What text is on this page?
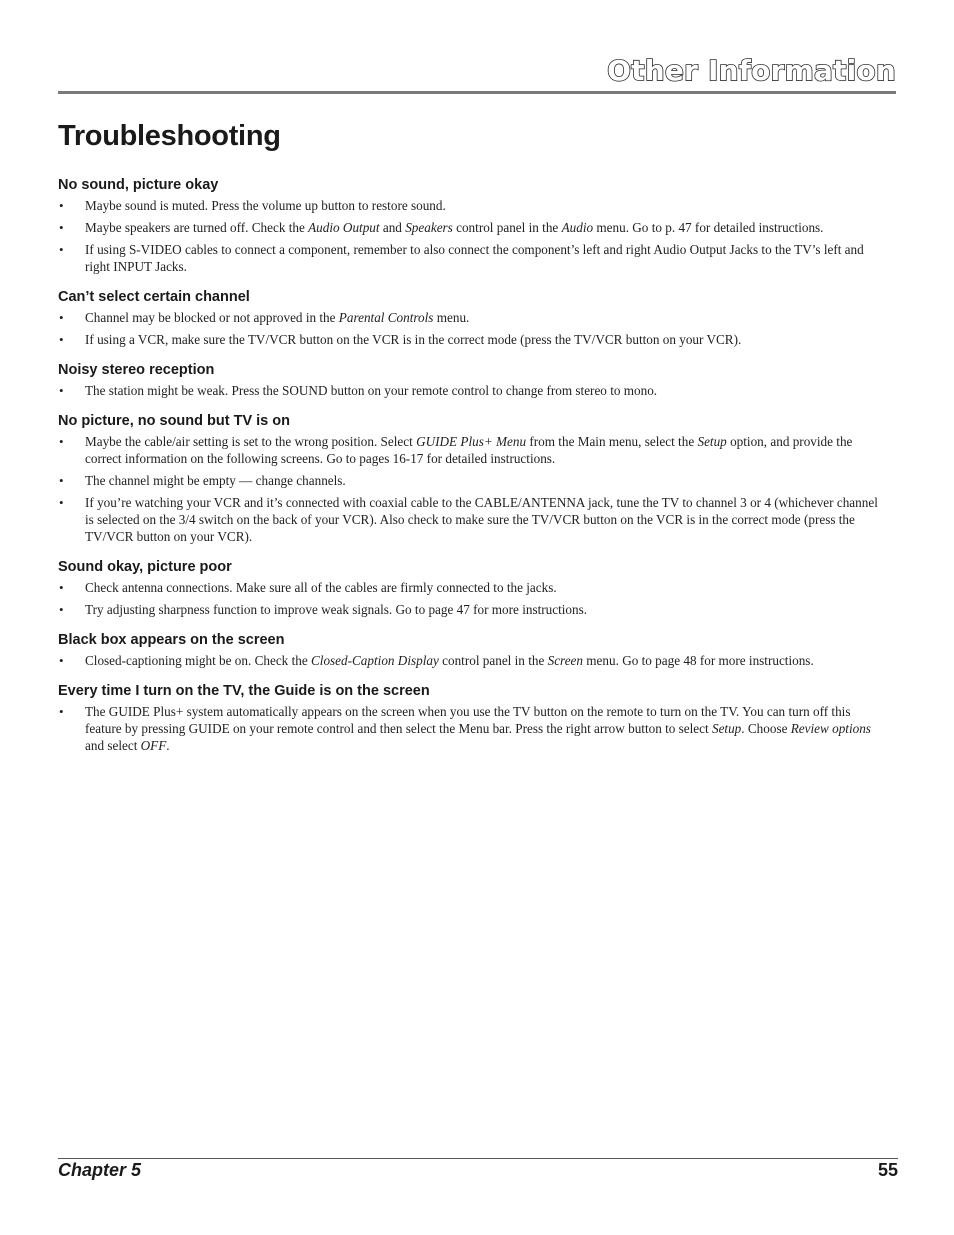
Other Information
Troubleshooting
No sound, picture okay
• Maybe sound is muted. Press the volume up button to restore sound.
• Maybe speakers are turned off. Check the Audio Output and Speakers control panel in the Audio menu. Go to p. 47 for detailed instructions.
• If using S-VIDEO cables to connect a component, remember to also connect the component’s left and right Audio Output Jacks to the TV’s left and right INPUT Jacks.
Can’t select certain channel
• Channel may be blocked or not approved in the Parental Controls menu.
• If using a VCR, make sure the TV/VCR button on the VCR is in the correct mode (press the TV/VCR button on your VCR).
Noisy stereo reception
• The station might be weak. Press the SOUND button on your remote control to change from stereo to mono.
No picture, no sound but TV is on
• Maybe the cable/air setting is set to the wrong position. Select GUIDE Plus+ Menu from the Main menu, select the Setup option, and provide the correct information on the following screens. Go to pages 16-17 for detailed instructions.
• The channel might be empty — change channels.
• If you’re watching your VCR and it’s connected with coaxial cable to the CABLE/ANTENNA jack, tune the TV to channel 3 or 4 (whichever channel is selected on the 3/4 switch on the back of your VCR). Also check to make sure the TV/VCR button on the VCR is in the correct mode (press the TV/VCR button on your VCR).
Sound okay, picture poor
• Check antenna connections. Make sure all of the cables are firmly connected to the jacks.
• Try adjusting sharpness function to improve weak signals. Go to page 47 for more instructions.
Black box appears on the screen
• Closed-captioning might be on. Check the Closed-Caption Display control panel in the Screen menu. Go to page 48 for more instructions.
Every time I turn on the TV, the Guide is on the screen
• The GUIDE Plus+ system automatically appears on the screen when you use the TV button on the remote to turn on the TV. You can turn off this feature by pressing GUIDE on your remote control and then select the Menu bar. Press the right arrow button to select Setup. Choose Review options and select OFF.
Chapter 5	55
